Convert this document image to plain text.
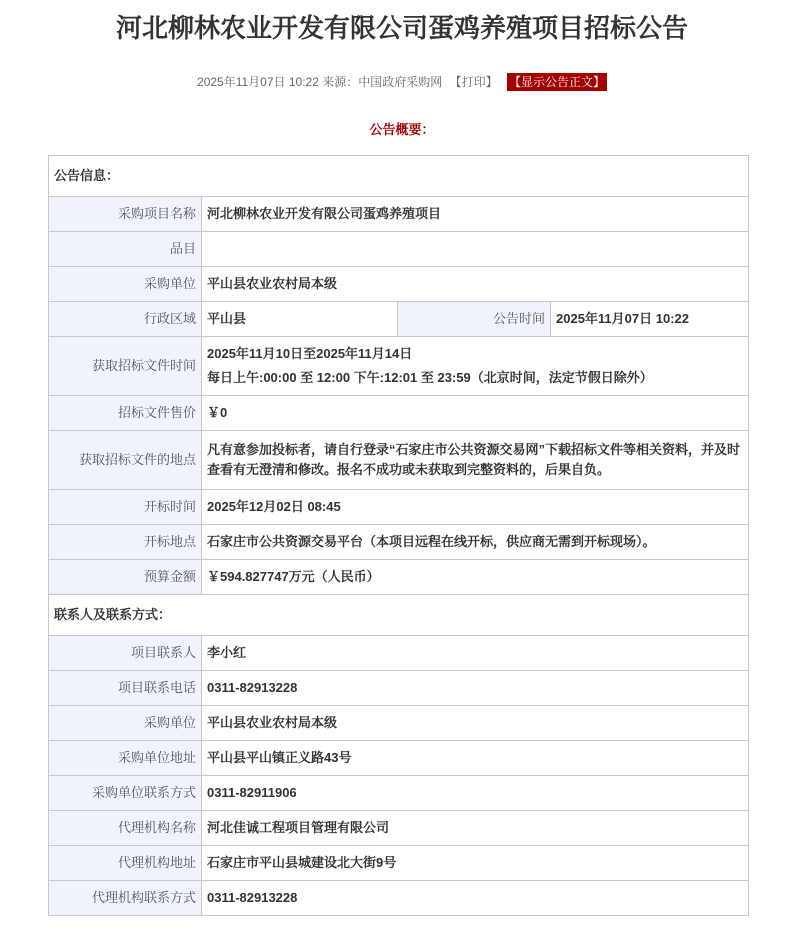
河北柳林农业开发有限公司蛋鸡养殖项目招标公告
2025年11月07日 10:22 来源：中国政府采购网 【打印】 【显示公告正文】
公告概要：
公告信息：			
采购项目名称	河北柳林农业开发有限公司蛋鸡养殖项目		
品目			
采购单位	平山县农业农村局本级		
行政区域	平山县	公告时间	2025年11月07日 10:22
获取招标文件时间	2025年11月10日至2025年11月14日
每日上午:00:00 至 12:00 下午:12:01 至 23:59（北京时间，法定节假日除外）		

招标文件售价	￥0		
获取招标文件的地点	凡有意参加投标者，请自行登录“石家庄市公共资源交易网”下载招标文件等相关资料，并及时查看有无澄清和修改。报名不成功或未获取到完整资料的，后果自负。		
开标时间	2025年12月02日 08:45		
开标地点	石家庄市公共资源交易平台（本项目远程在线开标，供应商无需到开标现场）。		
预算金额	￥594.827747万元（人民币）		
联系人及联系方式：			
项目联系人	李小红		
项目联系电话	0311-82913228		
采购单位	平山县农业农村局本级		
采购单位地址	平山县平山镇正义路43号		
采购单位联系方式	0311-82911906		
代理机构名称	河北佳诚工程项目管理有限公司		
代理机构地址	石家庄市平山县城建设北大街9号		
代理机构联系方式	0311-82913228		
